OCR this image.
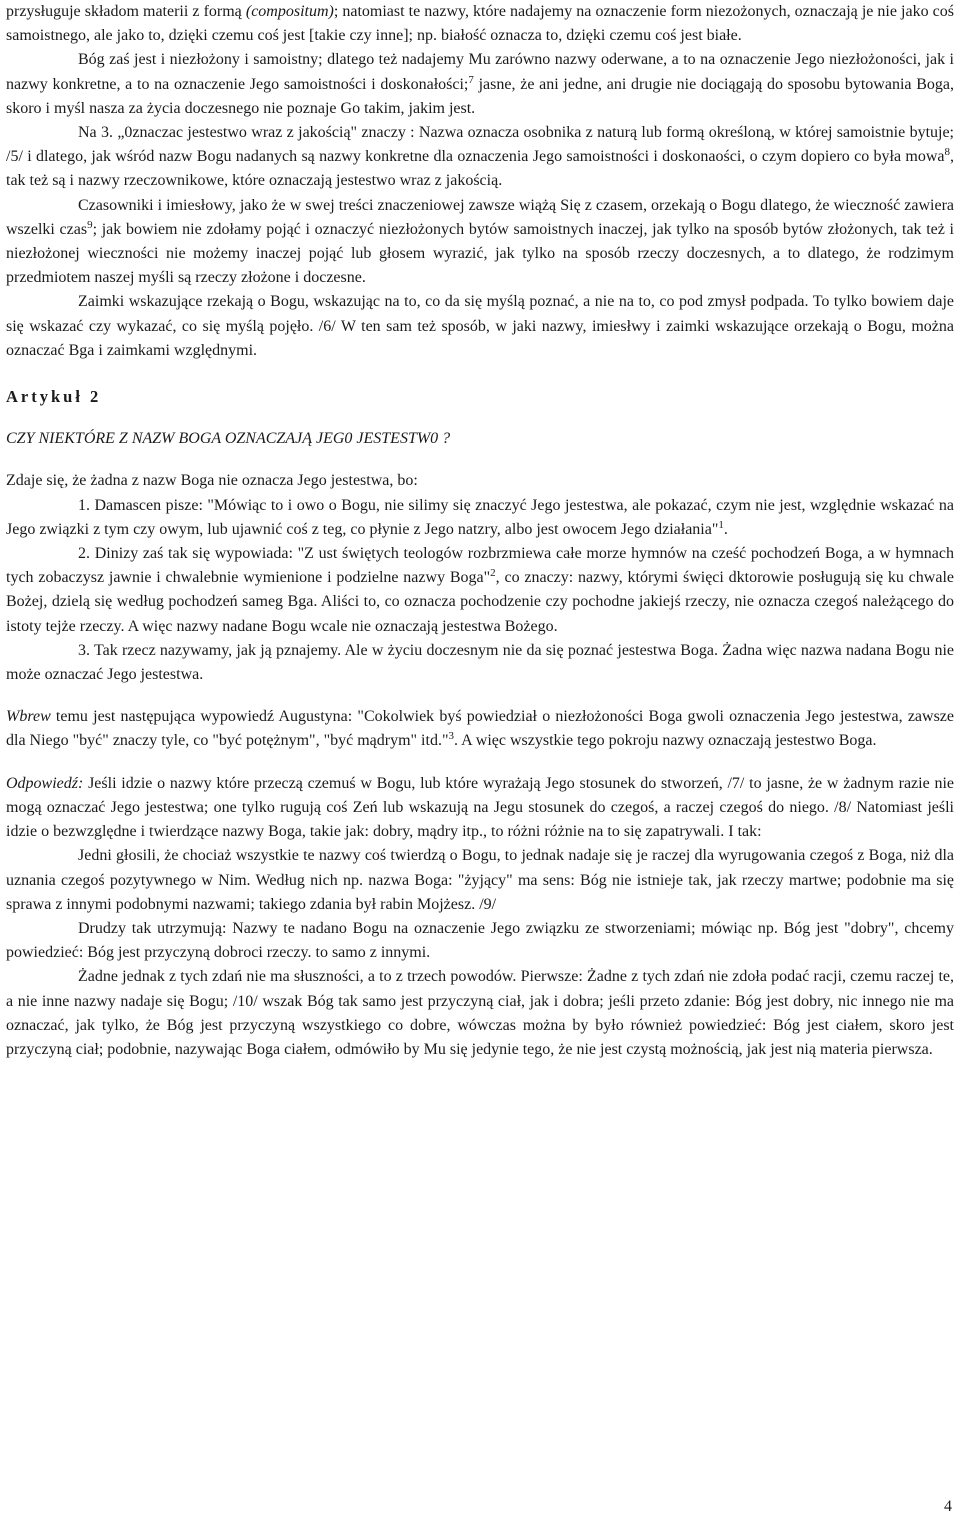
przysługuje składom materii z formą (compositum); natomiast te nazwy, które nadajemy na oznaczenie form niezożonych, oznaczają je nie jako coś samoistnego, ale jako to, dzięki czemu coś jest [takie czy inne]; np. białość oznacza to, dzięki czemu coś jest białe.

Bóg zaś jest i niezłożony i samoistny; dlatego też nadajemy Mu zarówno nazwy oderwane, a to na oznaczenie Jego niezłożoności, jak i nazwy konkretne, a to na oznaczenie Jego samoistności i doskonałości;$^7$ jasne, że ani jedne, ani drugie nie dociągają do sposobu bytowania Boga, skoro i myśl nasza za życia doczesnego nie poznaje Go takim, jakim jest.

Na 3. „0znaczac jestestwo wraz z jakością" znaczy : Nazwa oznacza osobnika z naturą lub formą określoną, w której samoistnie bytuje; /5/ i dlatego, jak wśród nazw Bogu nadanych są nazwy konkretne dla oznaczenia Jego samoistności i doskonaości, o czym dopiero co była mowa$^8$, tak też są i nazwy rzeczownikowe, które oznaczają jestestwo wraz z jakością.

Czasowniki i imiesłowy, jako że w swej treści znaczeniowej zawsze wiążą Się z czasem, orzekają o Bogu dlatego, że wieczność zawiera wszelki czas$^9$; jak bowiem nie zdołamy pojąć i oznaczyć niezłożonych bytów samoistnych inaczej, jak tylko na sposób bytów złożonych, tak też i niezłożonej wieczności nie możemy inaczej pojąć lub głosem wyrazić, jak tylko na sposób rzeczy doczesnych, a to dlatego, że rodzimym przedmiotem naszej myśli są rzeczy złożone i doczesne.

Zaimki wskazujące rzekają o Bogu, wskazując na to, co da się myślą poznać, a nie na to, co pod zmysł podpada. To tylko bowiem daje się wskazać czy wykazać, co się myślą pojęło. /6/ W ten sam też sposób, w jaki nazwy, imiesłwy i zaimki wskazujące orzekają o Bogu, można oznaczać Bga i zaimkami względnymi.

Artykuł 2

CZY NIEKTÓRE Z NAZW BOGA OZNACZAJĄ JEG0 JESTESTW0 ?

Zdaje się, że żadna z nazw Boga nie oznacza Jego jestestwa, bo:

1. Damascen pisze: "Mówiąc to i owo o Bogu, nie silimy się znaczyć Jego jestestwa, ale pokazać, czym nie jest, względnie wskazać na Jego związki z tym czy owym, lub ujawnić coś z teg, co płynie z Jego natzry, albo jest owocem Jego działania"$^1$.

2. Dinizy zaś tak się wypowiada: "Z ust świętych teologów rozbrzmiewa całe morze hymnów na cześć pochodzeń Boga, a w hymnach tych zobaczysz jawnie i chwalebnie wymienione i podzielne nazwy Boga"$^2$, co znaczy: nazwy, którymi święci dktorowie posługują się ku chwale Bożej, dzielą się według pochodzeń sameg Bga. Aliści to, co oznacza pochodzenie czy pochodne jakiejś rzeczy, nie oznacza czegoś należącego do istoty tejże rzeczy. A więc nazwy nadane Bogu wcale nie oznaczają jestestwa Bożego.

3. Tak rzecz nazywamy, jak ją pznajemy. Ale w życiu doczesnym nie da się poznać jestestwa Boga. Żadna więc nazwa nadana Bogu nie może oznaczać Jego jestestwa.

Wbrew temu jest następująca wypowiedź Augustyna: "Cokolwiek byś powiedział o niezłożoności Boga gwoli oznaczenia Jego jestestwa, zawsze dla Niego "być" znaczy tyle, co "być potężnym", "być mądrym" itd."$^3$. A więc wszystkie tego pokroju nazwy oznaczają jestestwo Boga.

Odpowiedź: Jeśli idzie o nazwy które przeczą czemuś w Bogu, lub które wyrażają Jego stosunek do stworzeń, /7/ to jasne, że w żadnym razie nie mogą oznaczać Jego jestestwa; one tylko rugują coś Zeń lub wskazują na Jegu stosunek do czegoś, a raczej czegoś do niego. /8/ Natomiast jeśli idzie o bezwzględne i twierdzące nazwy Boga, takie jak: dobry, mądry itp., to różni różnie na to się zapatrywali. I tak:

Jedni głosili, że chociaż wszystkie te nazwy coś twierdzą o Bogu, to jednak nadaje się je raczej dla wyrugowania czegoś z Boga, niż dla uznania czegoś pozytywnego w Nim. Według nich np. nazwa Boga: "żyjący" ma sens: Bóg nie istnieje tak, jak rzeczy martwe; podobnie ma się sprawa z innymi podobnymi nazwami; takiego zdania był rabin Mojżesz. /9/

Drudzy tak utrzymują: Nazwy te nadano Bogu na oznaczenie Jego związku ze stworzeniami; mówiąc np. Bóg jest "dobry", chcemy powiedzieć: Bóg jest przyczyną dobroci rzeczy. to samo z innymi.

Żadne jednak z tych zdań nie ma słuszności, a to z trzech powodów. Pierwsze: Żadne z tych zdań nie zdoła podać racji, czemu raczej te, a nie inne nazwy nadaje się Bogu; /10/ wszak Bóg tak samo jest przyczyną ciał, jak i dobra; jeśli przeto zdanie: Bóg jest dobry, nic innego nie ma oznaczać, jak tylko, że Bóg jest przyczyną wszystkiego co dobre, wówczas można by było również powiedzieć: Bóg jest ciałem, skoro jest przyczyną ciał; podobnie, nazywając Boga ciałem, odmówiło by Mu się jedynie tego, że nie jest czystą możnością, jak jest nią materia pierwsza.

4
